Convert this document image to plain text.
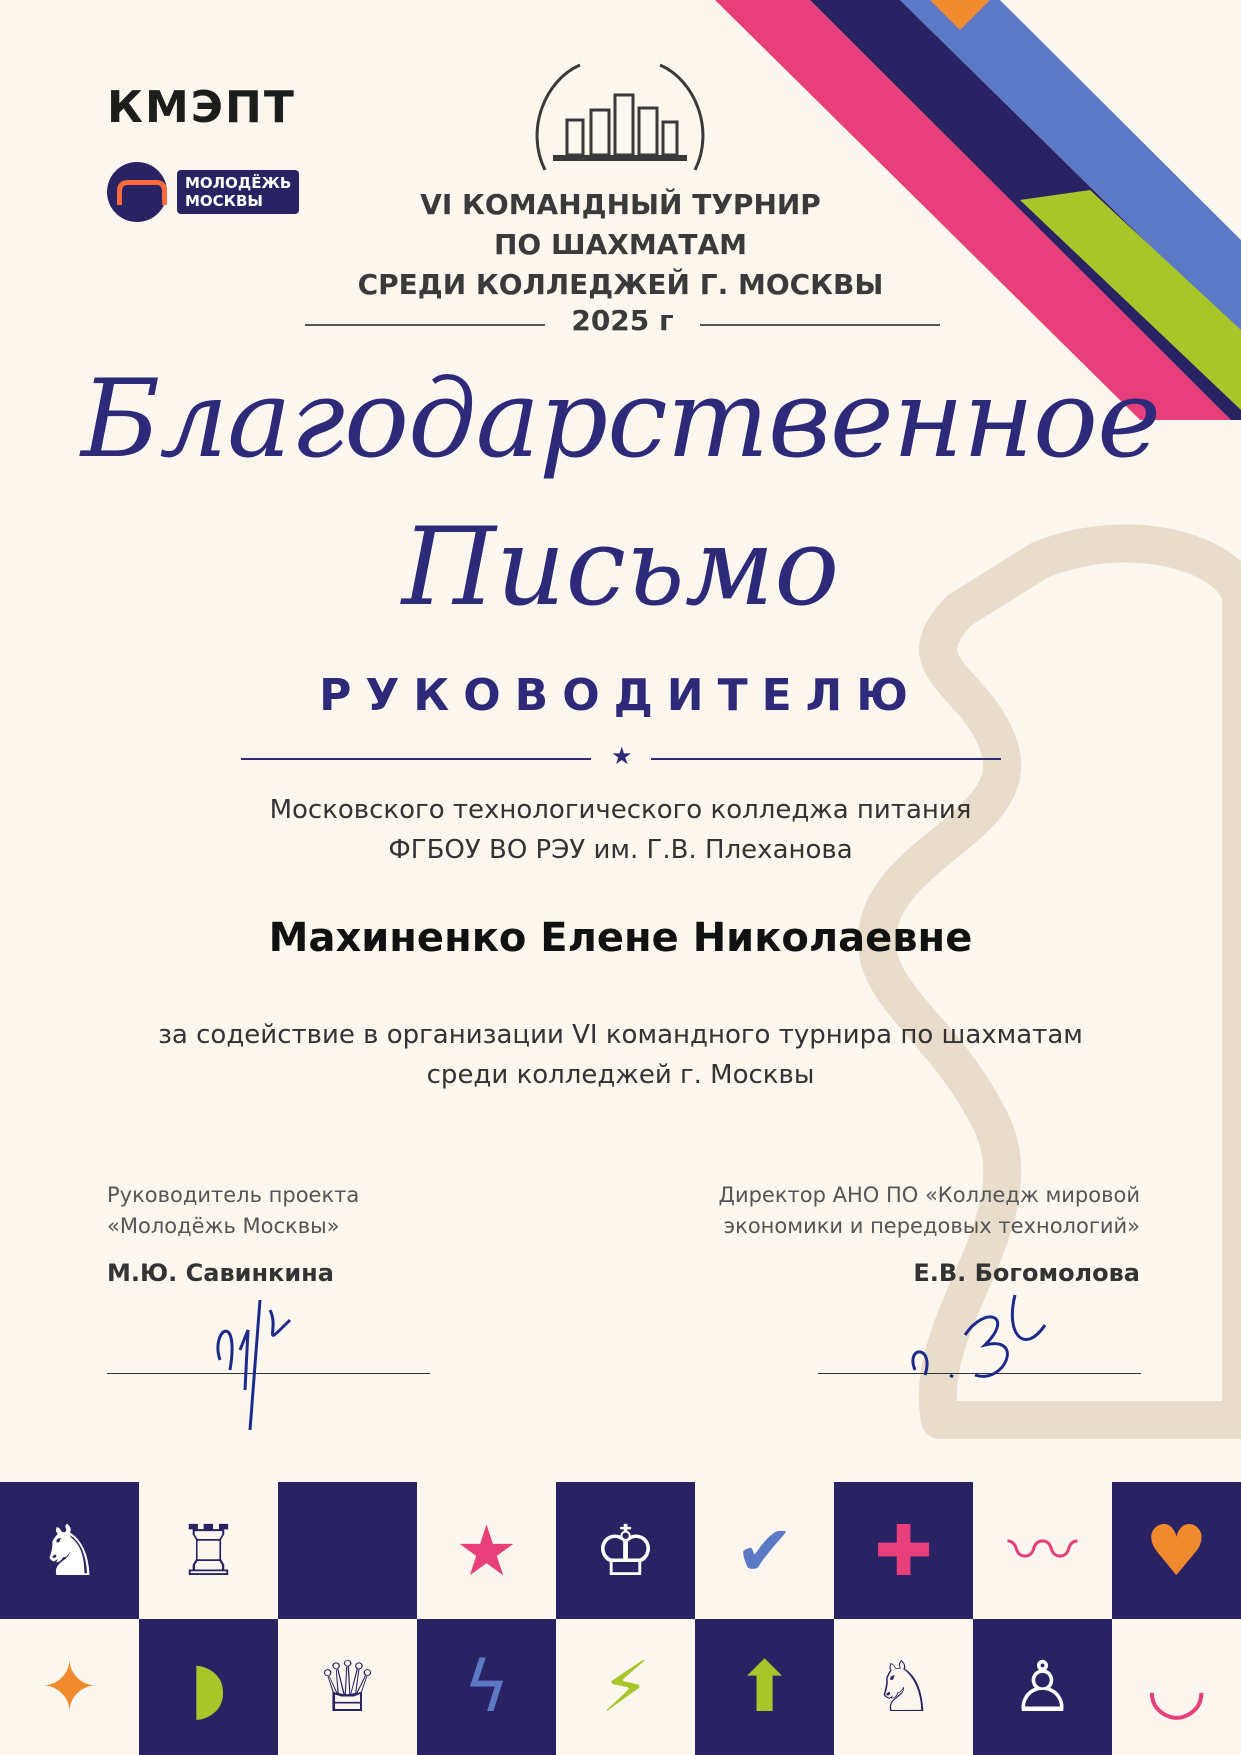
КМЭПТ
МОЛОДЁЖЬ
МОСКВЫ	VI КОМАНДНЫЙ ТУРНИР
ПО ШАХМАТАМ
СРЕДИ КОЛЛЕДЖЕЙ Г. МОСКВЫ
2025 г
Благодарственное
Письмо
РУКОВОДИТЕЛЮ
★
Московского технологического колледжа питания
ФГБОУ ВО РЭУ им. Г.В. Плеханова
Махиненко Елене Николаевне
за содействие в организации VI командного турнира по шахматам
среди колледжей г. Москвы
Руководитель проекта
«Молодёжь Москвы»
М.Ю. Савинкина
Директор АНО ПО «Колледж мировой
экономики и передовых технологий»
Е.В. Богомолова
♞ ♖	★ ♔ ✔ ✚ 〰 ♥
✦ ◗ ♕ ϟ ⚡ ⬆ ♘ ♙ ◡
